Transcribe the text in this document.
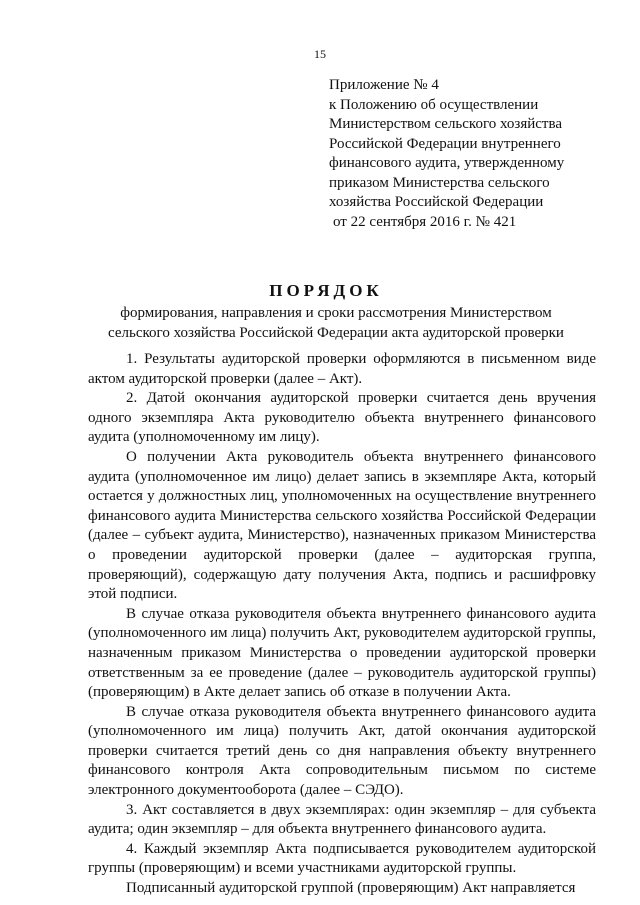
15
Приложение № 4
к Положению об осуществлении
Министерством сельского хозяйства
Российской Федерации внутреннего
финансового аудита, утвержденному
приказом Министерства сельского
хозяйства Российской Федерации
от 22 сентября 2016 г. № 421
ПОРЯДОК
формирования, направления и сроки рассмотрения Министерством
сельского хозяйства Российской Федерации акта аудиторской проверки

1. Результаты аудиторской проверки оформляются в письменном виде актом аудиторской проверки (далее – Акт).

2. Датой окончания аудиторской проверки считается день вручения одного экземпляра Акта руководителю объекта внутреннего финансового аудита (уполномоченному им лицу).

О получении Акта руководитель объекта внутреннего финансового аудита (уполномоченное им лицо) делает запись в экземпляре Акта, который остается у должностных лиц, уполномоченных на осуществление внутреннего финансового аудита Министерства сельского хозяйства Российской Федерации (далее – субъект аудита, Министерство), назначенных приказом Министерства о проведении аудиторской проверки (далее – аудиторская группа, проверяющий), содержащую дату получения Акта, подпись и расшифровку этой подписи.

В случае отказа руководителя объекта внутреннего финансового аудита (уполномоченного им лица) получить Акт, руководителем аудиторской группы, назначенным приказом Министерства о проведении аудиторской проверки ответственным за ее проведение (далее – руководитель аудиторской группы) (проверяющим) в Акте делает запись об отказе в получении Акта.

В случае отказа руководителя объекта внутреннего финансового аудита (уполномоченного им лица) получить Акт, датой окончания аудиторской проверки считается третий день со дня направления объекту внутреннего финансового контроля Акта сопроводительным письмом по системе электронного документооборота (далее – СЭДО).

3. Акт составляется в двух экземплярах: один экземпляр – для субъекта аудита; один экземпляр – для объекта внутреннего финансового аудита.

4. Каждый экземпляр Акта подписывается руководителем аудиторской группы (проверяющим) и всеми участниками аудиторской группы.

Подписанный аудиторской группой (проверяющим) Акт направляется
